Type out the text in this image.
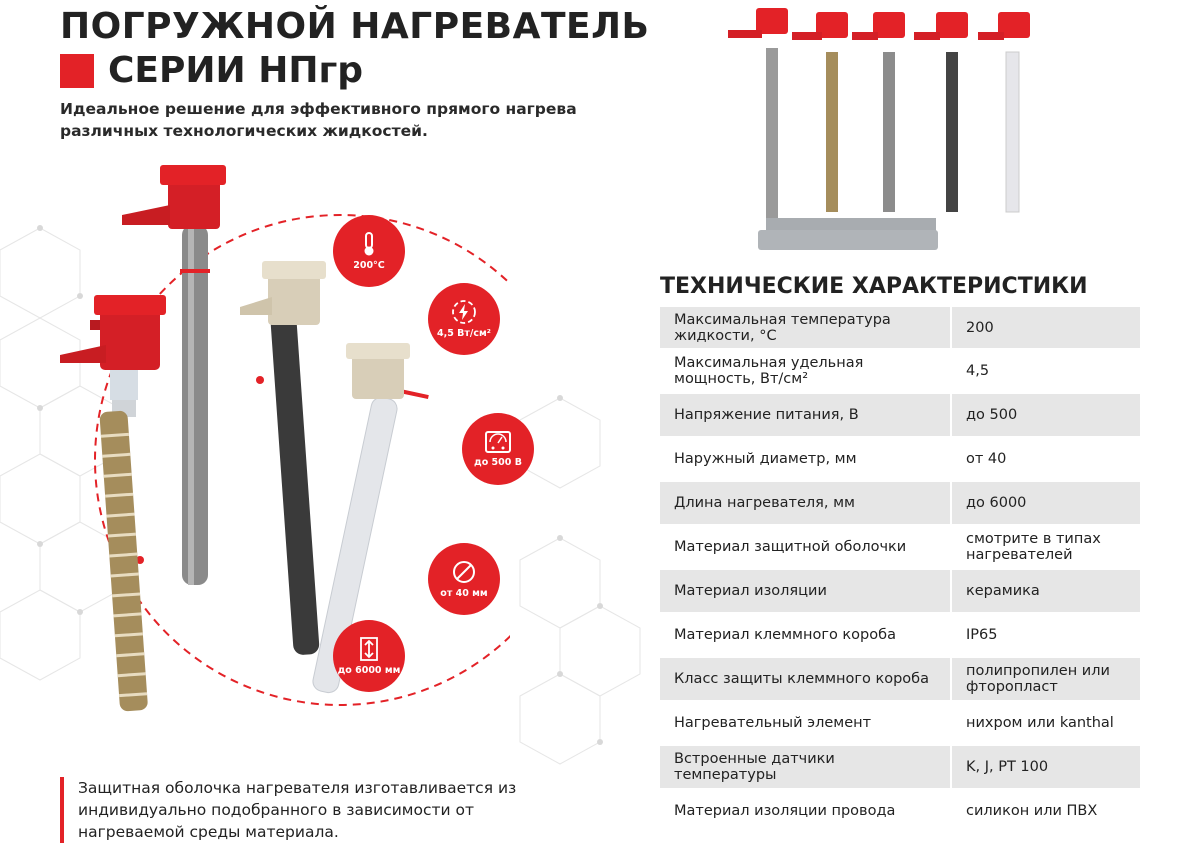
ПОГРУЖНОЙ НАГРЕВАТЕЛЬ
СЕРИИ НПгр
Идеальное решение для эффективного прямого нагрева различных технологических жидкостей.
200°C
4,5 Вт/см²
до 500 В
от 40 мм
до 6000 мм
Защитная оболочка нагревателя изготавливается из индивидуально подобранного в зависимости от нагреваемой среды материала.
ТЕХНИЧЕСКИЕ ХАРАКТЕРИСТИКИ
Максимальная температура жидкости, °С	200
Максимальная удельная мощность, Вт/см²	4,5
Напряжение питания, В	до 500
Наружный диаметр, мм	от 40
Длина нагревателя, мм	до 6000
Материал защитной оболочки	смотрите в типах нагревателей
Материал изоляции	керамика
Материал клеммного короба	IP65
Класс защиты клеммного короба	полипропилен или фторопласт
Нагревательный элемент	нихром или kanthal
Встроенные датчики температуры	K, J, PT 100
Материал изоляции провода	силикон или ПВХ
